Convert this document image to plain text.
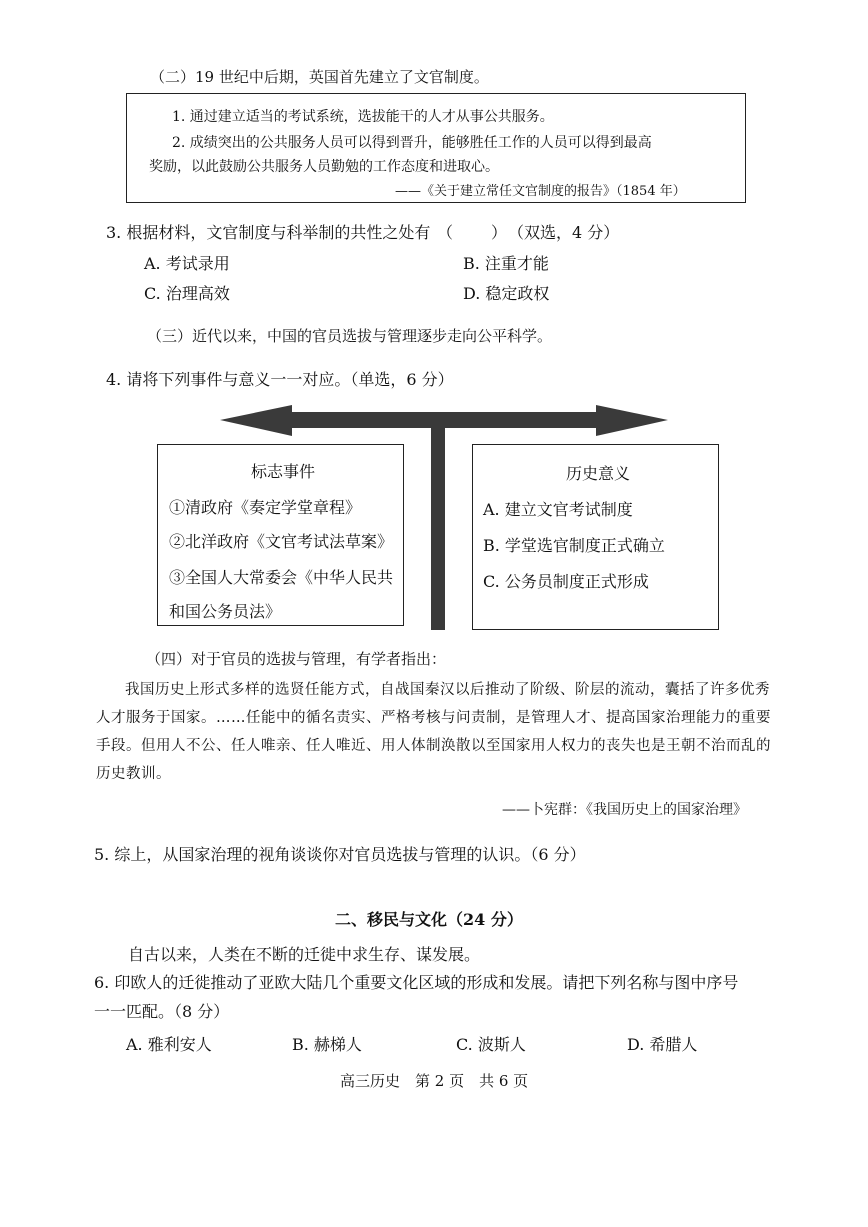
（二）19 世纪中后期，英国首先建立了文官制度。
1. 通过建立适当的考试系统，选拔能干的人才从事公共服务。
2. 成绩突出的公共服务人员可以得到晋升，能够胜任工作的人员可以得到最高
奖励，以此鼓励公共服务人员勤勉的工作态度和进取心。
——《关于建立常任文官制度的报告》（1854 年）
3. 根据材料，文官制度与科举制的共性之处有 （ ） （双选，4 分）
A. 考试录用	B. 注重才能
C. 治理高效	D. 稳定政权
（三）近代以来，中国的官员选拔与管理逐步走向公平科学。
4. 请将下列事件与意义一一对应。（单选，6 分）
标志事件
①清政府《奏定学堂章程》
②北洋政府《文官考试法草案》
③全国人大常委会《中华人民共
和国公务员法》
历史意义
A. 建立文官考试制度
B. 学堂选官制度正式确立
C. 公务员制度正式形成
（四）对于官员的选拔与管理，有学者指出：
我国历史上形式多样的选贤任能方式，自战国秦汉以后推动了阶级、阶层的流动，囊括了许多优秀人才服务于国家。……任能中的循名责实、严格考核与问责制，是管理人才、提高国家治理能力的重要手段。但用人不公、任人唯亲、任人唯近、用人体制涣散以至国家用人权力的丧失也是王朝不治而乱的历史教训。
——卜宪群：《我国历史上的国家治理》
5. 综上，从国家治理的视角谈谈你对官员选拔与管理的认识。（6 分）
二、移民与文化（24 分）
自古以来，人类在不断的迁徙中求生存、谋发展。
6. 印欧人的迁徙推动了亚欧大陆几个重要文化区域的形成和发展。请把下列名称与图中序号
一一匹配。（8 分）
A. 雅利安人	B. 赫梯人	C. 波斯人	D. 希腊人
高三历史　第 2 页　共 6 页
